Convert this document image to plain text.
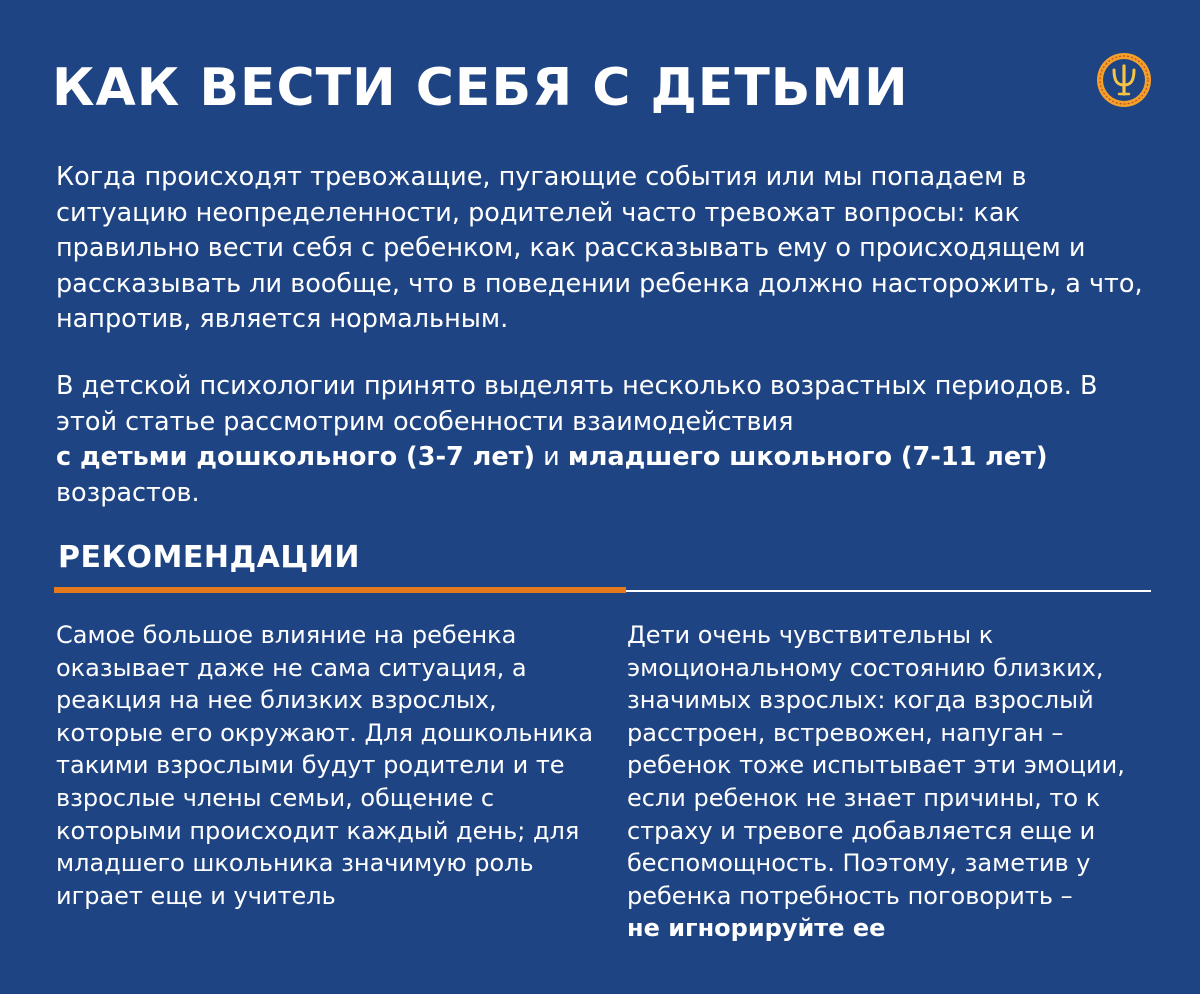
КАК ВЕСТИ СЕБЯ С ДЕТЬМИ

Когда происходят тревожащие, пугающие события или мы попадаем в ситуацию неопределенности, родителей часто тревожат вопросы: как правильно вести себя с ребенком, как рассказывать ему о происходящем и рассказывать ли вообще, что в поведении ребенка должно насторожить, а что, напротив, является нормальным.

В детской психологии принято выделять несколько возрастных периодов. В этой статье рассмотрим особенности взаимодействия
с детьми дошкольного (3-7 лет) и младшего школьного (7-11 лет)
возрастов.

РЕКОМЕНДАЦИИ

Самое большое влияние на ребенка оказывает даже не сама ситуация, а реакция на нее близких взрослых, которые его окружают. Для дошкольника такими взрослыми будут родители и те взрослые члены семьи, общение с которыми происходит каждый день; для младшего школьника значимую роль играет еще и учитель

Дети очень чувствительны к эмоциональному состоянию близких, значимых взрослых: когда взрослый расстроен, встревожен, напуган – ребенок тоже испытывает эти эмоции, если ребенок не знает причины, то к страху и тревоге добавляется еще и беспомощность. Поэтому, заметив у ребенка потребность поговорить –
не игнорируйте ее
